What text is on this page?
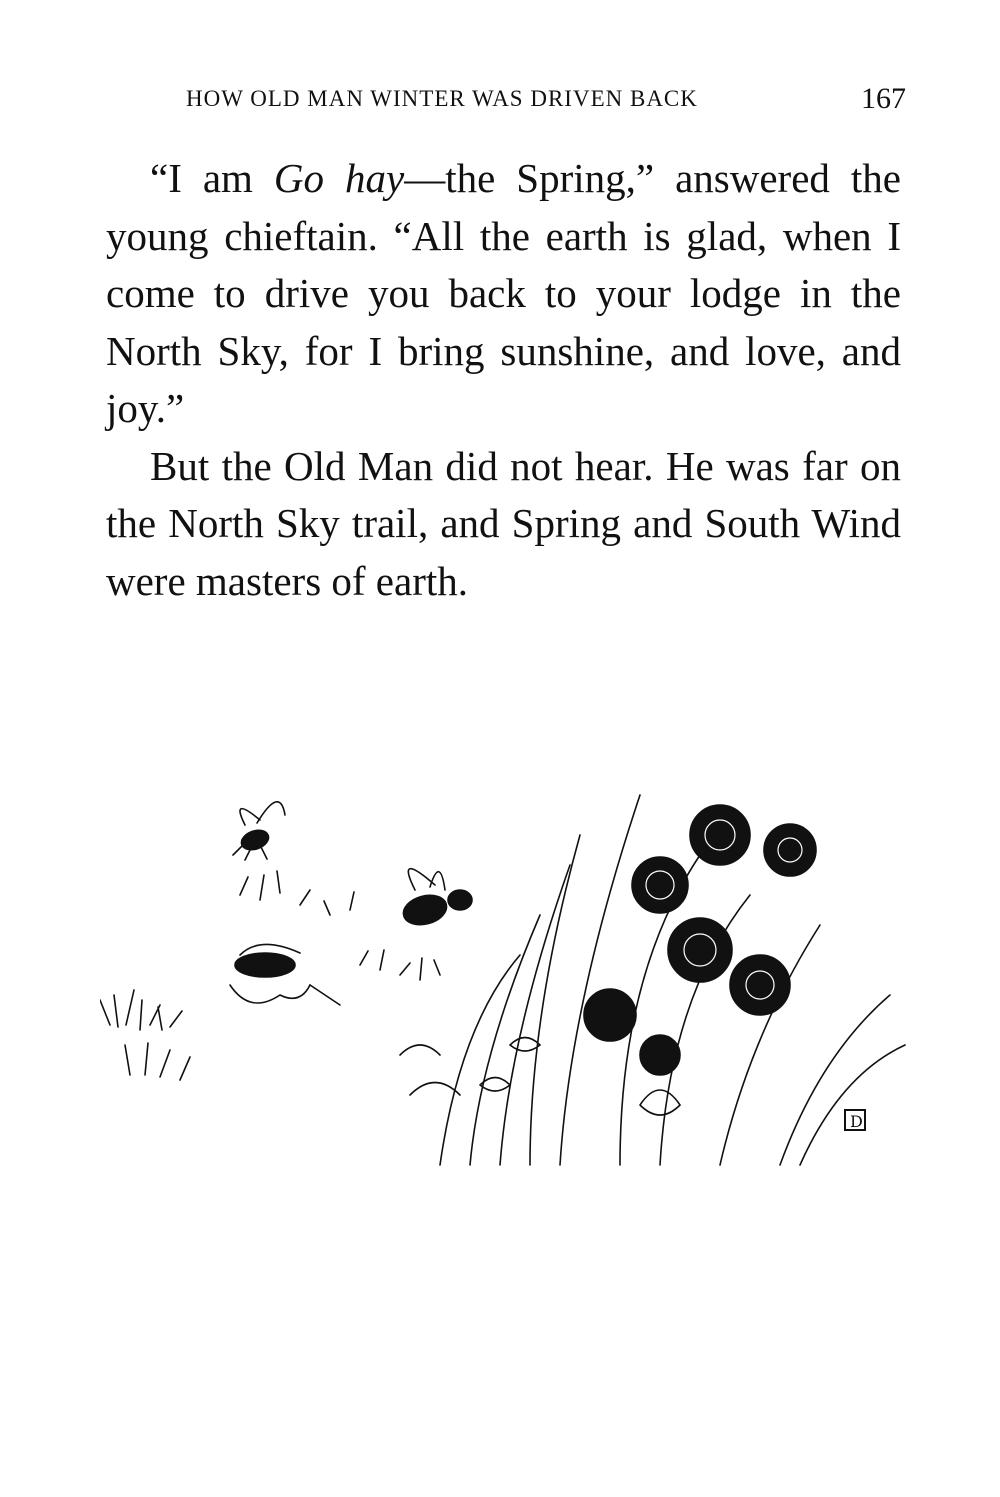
HOW OLD MAN WINTER WAS DRIVEN BACK	167

“I am Go hay—the Spring,” answered the young chieftain. “All the earth is glad, when I come to drive you back to your lodge in the North Sky, for I bring sunshine, and love, and joy.”

But the Old Man did not hear. He was far on the North Sky trail, and Spring and South Wind were masters of earth.

D
